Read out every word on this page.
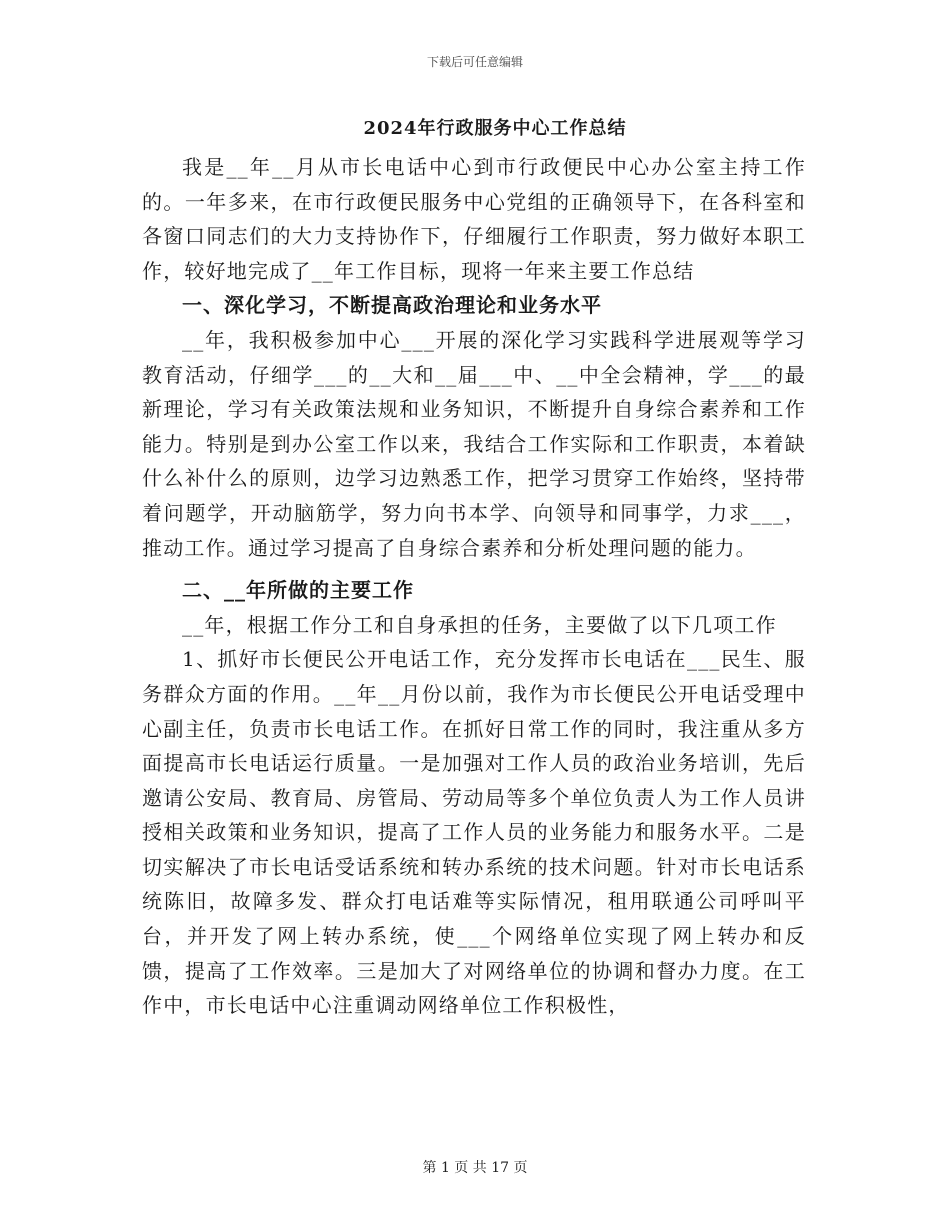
下载后可任意编辑
2024年行政服务中心工作总结

我是__年__月从市长电话中心到市行政便民中心办公室主持工作的。一年多来，在市行政便民服务中心党组的正确领导下，在各科室和各窗口同志们的大力支持协作下，仔细履行工作职责，努力做好本职工作，较好地完成了__年工作目标，现将一年来主要工作总结

一、深化学习，不断提高政治理论和业务水平

__年，我积极参加中心___开展的深化学习实践科学进展观等学习教育活动，仔细学___的__大和__届___中、__中全会精神，学___的最新理论，学习有关政策法规和业务知识，不断提升自身综合素养和工作能力。特别是到办公室工作以来，我结合工作实际和工作职责，本着缺什么补什么的原则，边学习边熟悉工作，把学习贯穿工作始终，坚持带着问题学，开动脑筋学，努力向书本学、向领导和同事学，力求___，推动工作。通过学习提高了自身综合素养和分析处理问题的能力。

二、__年所做的主要工作

__年，根据工作分工和自身承担的任务，主要做了以下几项工作

1、抓好市长便民公开电话工作，充分发挥市长电话在___民生、服务群众方面的作用。__年__月份以前，我作为市长便民公开电话受理中心副主任，负责市长电话工作。在抓好日常工作的同时，我注重从多方面提高市长电话运行质量。一是加强对工作人员的政治业务培训，先后邀请公安局、教育局、房管局、劳动局等多个单位负责人为工作人员讲授相关政策和业务知识，提高了工作人员的业务能力和服务水平。二是切实解决了市长电话受话系统和转办系统的技术问题。针对市长电话系统陈旧，故障多发、群众打电话难等实际情况，租用联通公司呼叫平台，并开发了网上转办系统，使___个网络单位实现了网上转办和反馈，提高了工作效率。三是加大了对网络单位的协调和督办力度。在工作中，市长电话中心注重调动网络单位工作积极性，

第 1 页 共 17 页
